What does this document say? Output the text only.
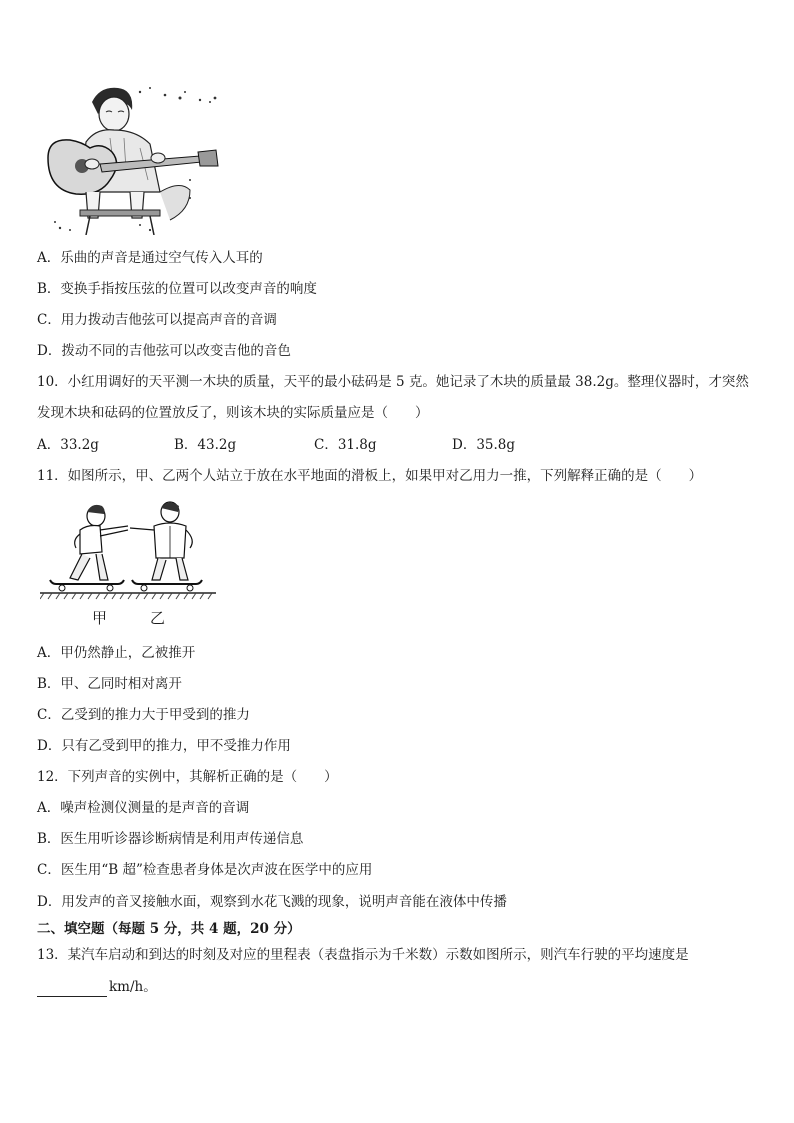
A．乐曲的声音是通过空气传入人耳的
B．变换手指按压弦的位置可以改变声音的响度
C．用力拨动吉他弦可以提高声音的音调
D．拨动不同的吉他弦可以改变吉他的音色
10．小红用调好的天平测一木块的质量，天平的最小砝码是 5 克。她记录了木块的质量最 38.2g。整理仪器时，才突然
发现木块和砝码的位置放反了，则该木块的实际质量应是（　　）
A．33.2g	B．43.2g	C．31.8g	D．35.8g
11．如图所示，甲、乙两个人站立于放在水平地面的滑板上，如果甲对乙用力一推，下列解释正确的是（　　）
甲	乙
A．甲仍然静止，乙被推开
B．甲、乙同时相对离开
C．乙受到的推力大于甲受到的推力
D．只有乙受到甲的推力，甲不受推力作用
12．下列声音的实例中，其解析正确的是（　　）
A．噪声检测仪测量的是声音的音调
B．医生用听诊器诊断病情是利用声传递信息
C．医生用“B 超”检查患者身体是次声波在医学中的应用
D．用发声的音叉接触水面，观察到水花飞溅的现象，说明声音能在液体中传播
二、填空题（每题 5 分，共 4 题，20 分）
13．某汽车启动和到达的时刻及对应的里程表（表盘指示为千米数）示数如图所示，则汽车行驶的平均速度是
km/h。
